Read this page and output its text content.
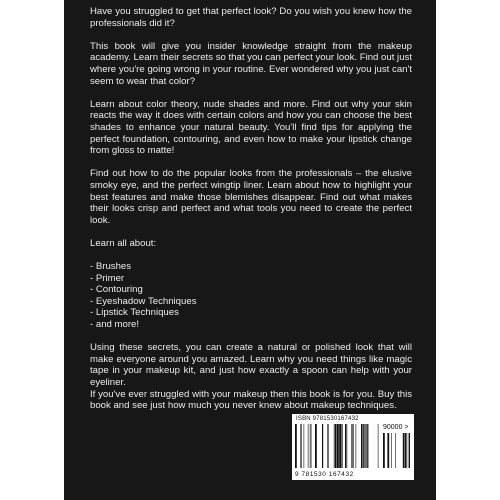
Have you struggled to get that perfect look? Do you wish you knew how the professionals did it?

This book will give you insider knowledge straight from the makeup academy. Learn their secrets so that you can perfect your look. Find out just where you're going wrong in your routine. Ever wondered why you just can't seem to wear that color?

Learn about color theory, nude shades and more. Find out why your skin reacts the way it does with certain colors and how you can choose the best shades to enhance your natural beauty. You'll find tips for applying the perfect foundation, contouring, and even how to make your lipstick change from gloss to matte!

Find out how to do the popular looks from the professionals – the elusive smoky eye, and the perfect wingtip liner. Learn about how to highlight your best features and make those blemishes disappear. Find out what makes their looks crisp and perfect and what tools you need to create the perfect look.

Learn all about:

- Brushes
- Primer
- Contouring
- Eyeshadow Techniques
- Lipstick Techniques
- and more!

Using these secrets, you can create a natural or polished look that will make everyone around you amazed. Learn why you need things like magic tape in your makeup kit, and just how exactly a spoon can help with your eyeliner.

If you've ever struggled with your makeup then this book is for you. Buy this book and see just how much you never knew about makeup techniques.

ISBN 9781530167432
90000 >
9 781530 167432
